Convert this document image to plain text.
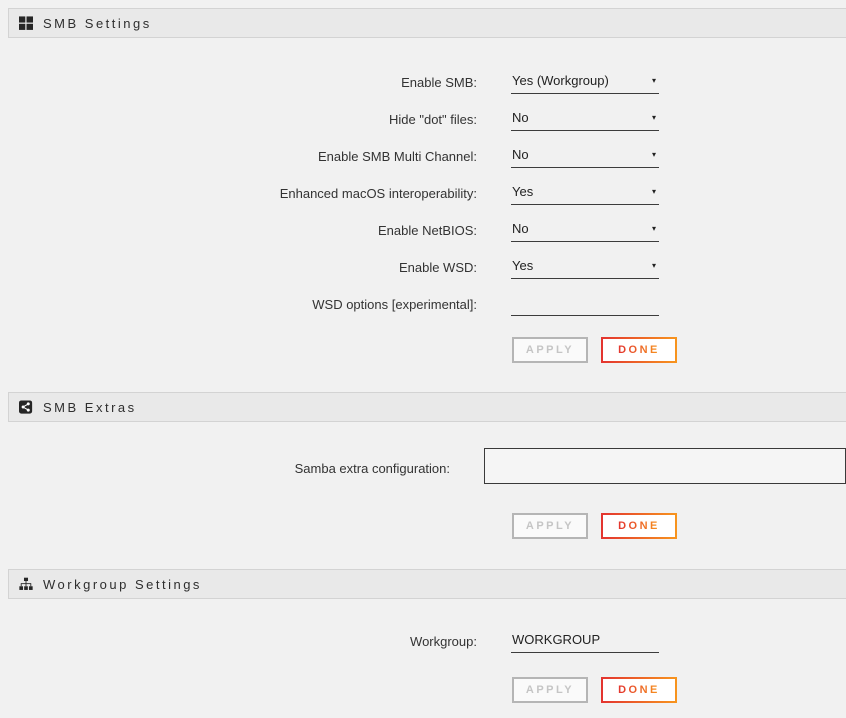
SMB Settings
Enable SMB:	Yes (Workgroup)	▾
Hide "dot" files:	No	▾
Enable SMB Multi Channel:	No	▾
Enhanced macOS interoperability:	Yes	▾
Enable NetBIOS:	No	▾
Enable WSD:	Yes	▾
WSD options [experimental]:
APPLY	DONE
SMB Extras
Samba extra configuration:
APPLY	DONE
Workgroup Settings
Workgroup:
WORKGROUP
APPLY	DONE
